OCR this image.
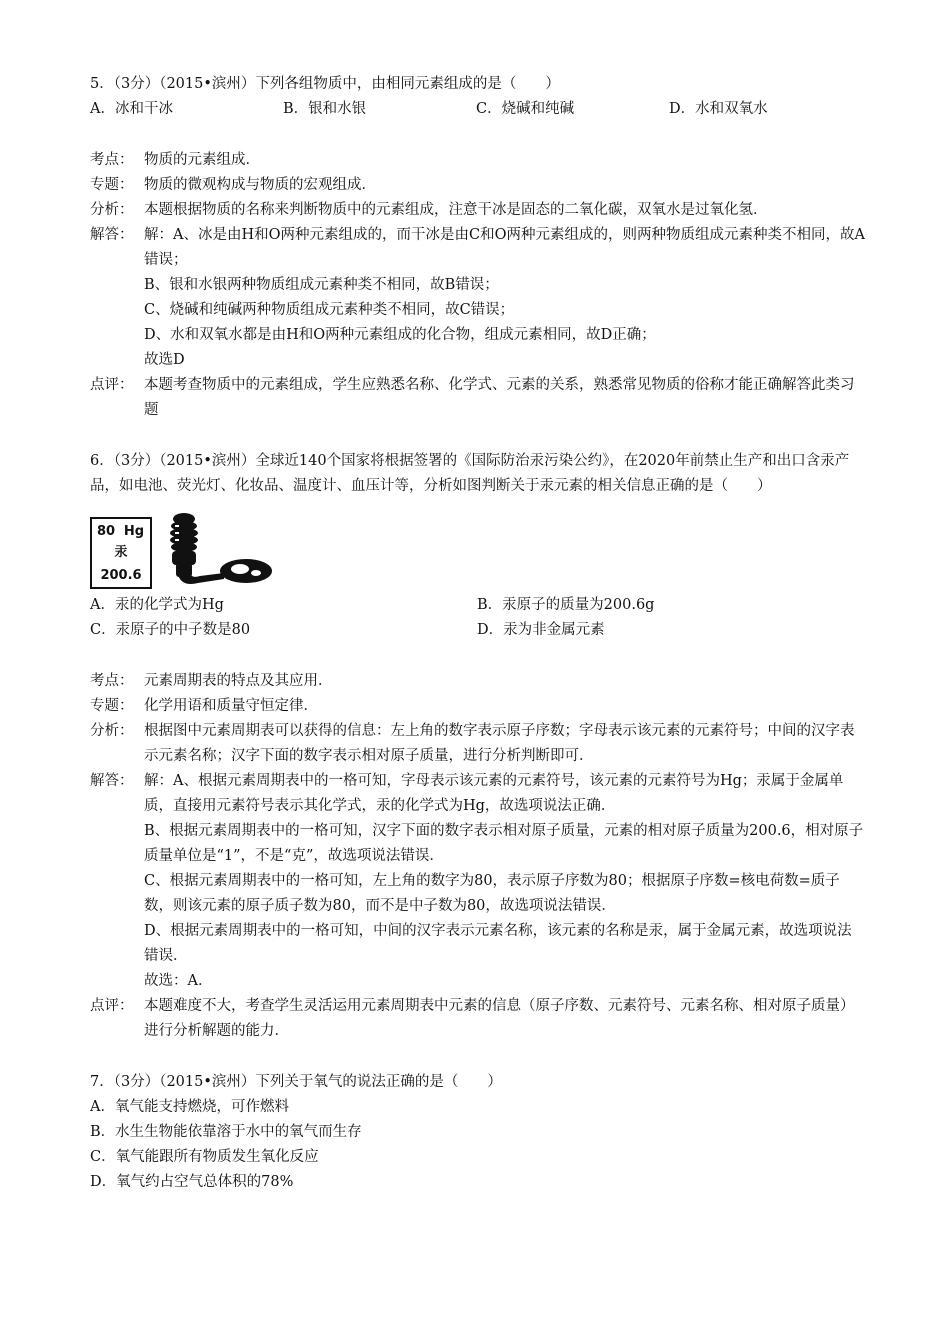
5．（3分）（2015•滨州）下列各组物质中，由相同元素组成的是（　　）

A．冰和干冰	B．银和水银	C．烧碱和纯碱	D．水和双氧水
考点： 物质的元素组成．
专题： 物质的微观构成与物质的宏观组成．
分析： 本题根据物质的名称来判断物质中的元素组成，注意干冰是固态的二氧化碳，双氧水是过氧化氢．
解答： 解：A、冰是由H和O两种元素组成的，而干冰是由C和O两种元素组成的，则两种物质组成元素种类不相同，故A错误；

B、银和水银两种物质组成元素种类不相同，故B错误；

C、烧碱和纯碱两种物质组成元素种类不相同，故C错误；

D、水和双氧水都是由H和O两种元素组成的化合物，组成元素相同，故D正确；

故选D

点评： 本题考查物质中的元素组成，学生应熟悉名称、化学式、元素的关系，熟悉常见物质的俗称才能正确解答此类习题

6．（3分）（2015•滨州）全球近140个国家将根据签署的《国际防治汞污染公约》，在2020年前禁止生产和出口含汞产品，如电池、荧光灯、化妆品、温度计、血压计等，分析如图判断关于汞元素的相关信息正确的是（　　）

80 Hg
汞
200.6
A．汞的化学式为Hg	B．汞原子的质量为200.6g
C．汞原子的中子数是80	D．汞为非金属元素
考点： 元素周期表的特点及其应用．
专题： 化学用语和质量守恒定律．
分析： 根据图中元素周期表可以获得的信息：左上角的数字表示原子序数；字母表示该元素的元素符号；中间的汉字表示元素名称；汉字下面的数字表示相对原子质量，进行分析判断即可．
解答： 解：A、根据元素周期表中的一格可知，字母表示该元素的元素符号，该元素的元素符号为Hg；汞属于金属单质，直接用元素符号表示其化学式，汞的化学式为Hg，故选项说法正确．

B、根据元素周期表中的一格可知，汉字下面的数字表示相对原子质量，元素的相对原子质量为200.6，相对原子质量单位是“1”，不是“克”，故选项说法错误．

C、根据元素周期表中的一格可知，左上角的数字为80，表示原子序数为80；根据原子序数=核电荷数=质子数，则该元素的原子质子数为80，而不是中子数为80，故选项说法错误．

D、根据元素周期表中的一格可知，中间的汉字表示元素名称，该元素的名称是汞，属于金属元素，故选项说法错误．

故选：A．

点评： 本题难度不大，考查学生灵活运用元素周期表中元素的信息（原子序数、元素符号、元素名称、相对原子质量）进行分析解题的能力．

7．（3分）（2015•滨州）下列关于氧气的说法正确的是（　　）

A．氧气能支持燃烧，可作燃料

B．水生生物能依靠溶于水中的氧气而生存

C．氧气能跟所有物质发生氧化反应

D．氧气约占空气总体积的78%
